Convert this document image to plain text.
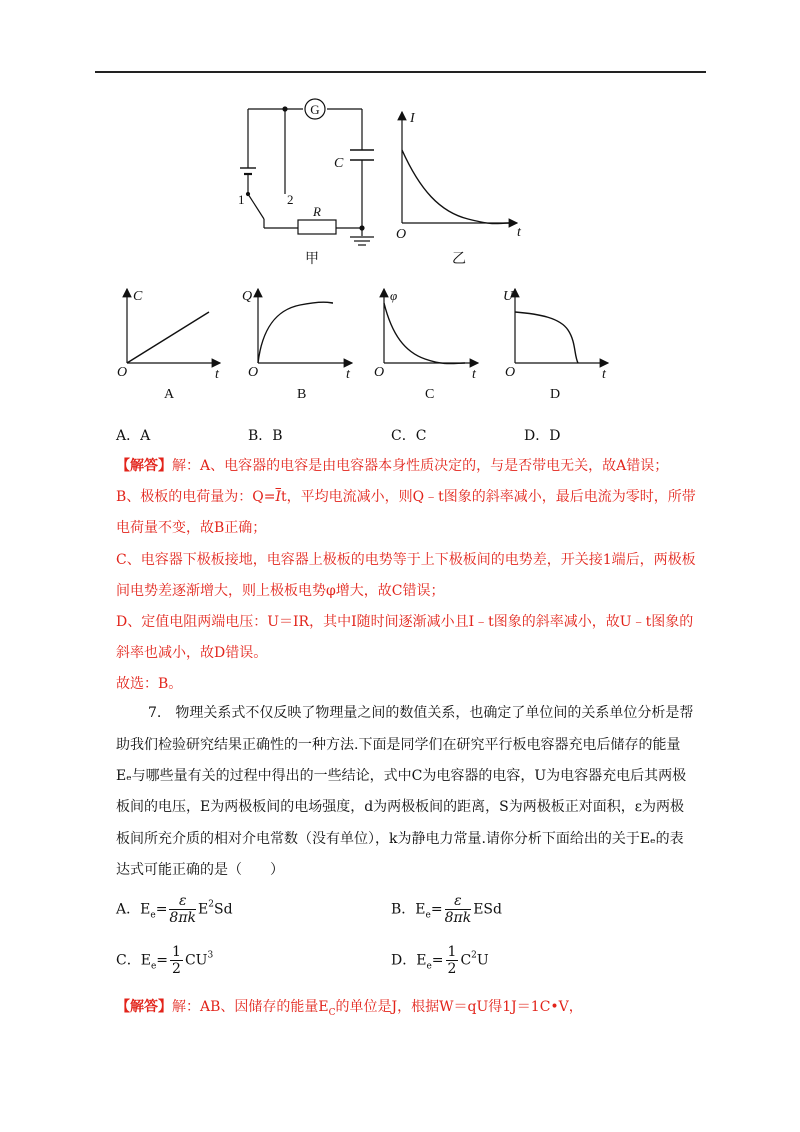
G
C
R
1	2
甲
I
t
O
乙
C
t
O
A
Q
t
O
B
φ
t
O
C
U
t
O
D
A．A	B．B	C．C	D．D
【解答】解：A、电容器的电容是由电容器本身性质决定的，与是否带电无关，故A错误；
B、极板的电荷量为：$Q=\overline{I}t$，平均电流减小，则Q﹣t图象的斜率减小，最后电流为零时，所带
电荷量不变，故B正确；
C、电容器下极板接地，电容器上极板的电势等于上下极板间的电势差，开关接1端后，两极板
间电势差逐渐增大，则上极板电势φ增大，故C错误；
D、定值电阻两端电压：U＝IR，其中I随时间逐渐减小且I﹣t图象的斜率减小，故U﹣t图象的
斜率也减小，故D错误。
故选：B。
7.　物理关系式不仅反映了物理量之间的数值关系，也确定了单位间的关系单位分析是帮
助我们检验研究结果正确性的一种方法.下面是同学们在研究平行板电容器充电后储存的能量
Eₑ与哪些量有关的过程中得出的一些结论，式中C为电容器的电容，U为电容器充电后其两极
板间的电压，E为两极板间的电场强度，d为两极板间的距离，S为两极板正对面积，ε为两极
板间所充介质的相对介电常数（没有单位），k为静电力常量.请你分析下面给出的关于Eₑ的表
达式可能正确的是（　　）
A．$E_e= \frac{\varepsilon}{8\pi k} E^2Sd$	B．$E_e= \frac{\varepsilon}{8\pi k}$ ESd
C．$E_e= \frac{1}{2} CU^3$	D．$E_e= \frac{1}{2} C^2U$
【解答】解：AB、因储存的能量$E_C$的单位是J，根据W＝qU得1J＝1C•V，
